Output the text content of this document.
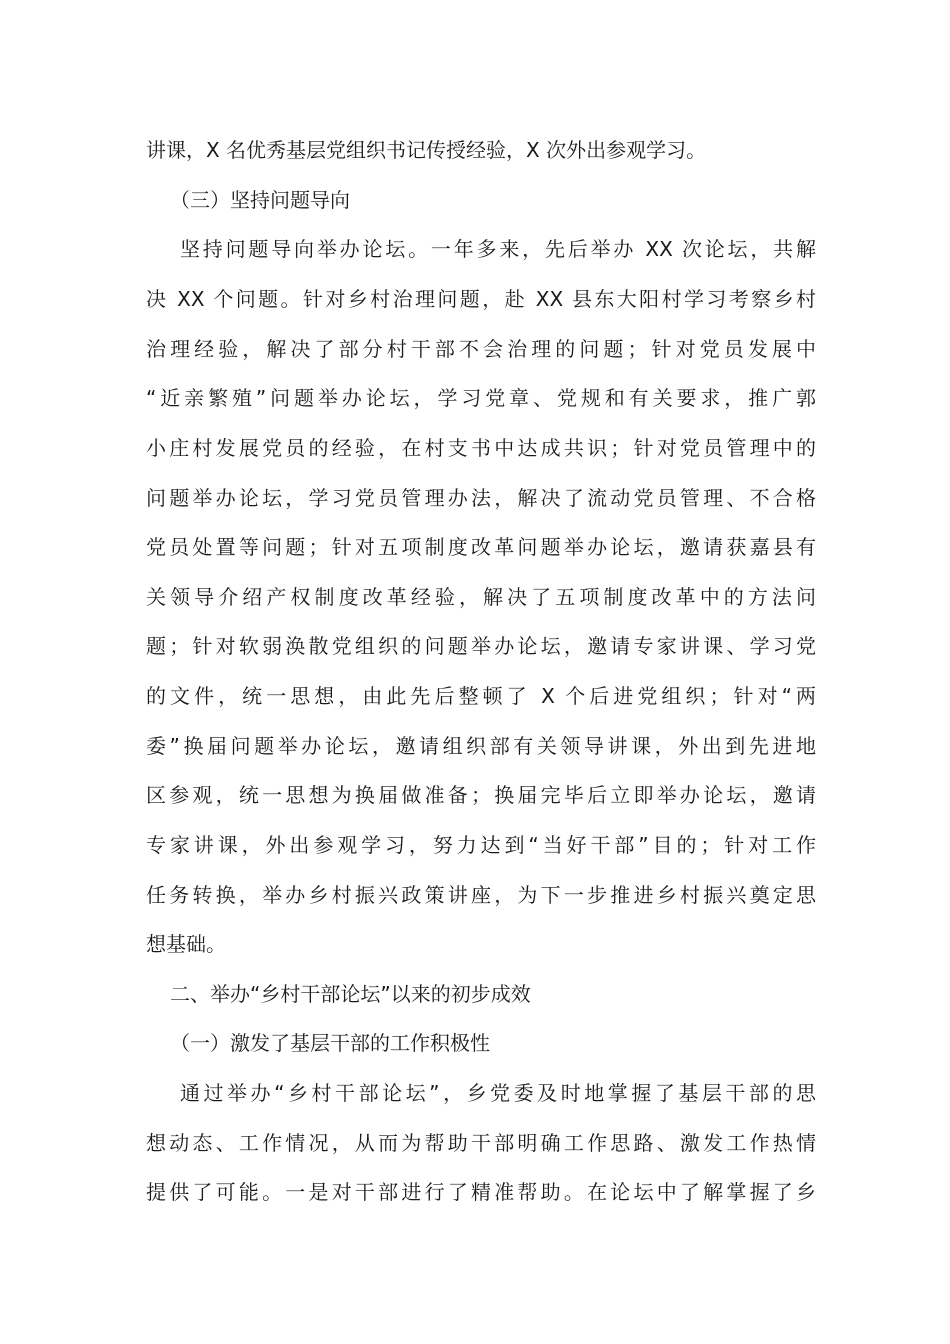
讲课，X 名优秀基层党组织书记传授经验，X 次外出参观学习。
（三）坚持问题导向
坚持问题导向举办论坛。一年多来，先后举办 XX 次论坛，共解
决 XX 个问题。针对乡村治理问题，赴 XX 县东大阳村学习考察乡村
治理经验，解决了部分村干部不会治理的问题；针对党员发展中
“近亲繁殖”问题举办论坛，学习党章、党规和有关要求，推广郭
小庄村发展党员的经验，在村支书中达成共识；针对党员管理中的
问题举办论坛，学习党员管理办法，解决了流动党员管理、不合格
党员处置等问题；针对五项制度改革问题举办论坛，邀请获嘉县有
关领导介绍产权制度改革经验，解决了五项制度改革中的方法问
题；针对软弱涣散党组织的问题举办论坛，邀请专家讲课、学习党
的文件，统一思想，由此先后整顿了 X 个后进党组织；针对“两
委”换届问题举办论坛，邀请组织部有关领导讲课，外出到先进地
区参观，统一思想为换届做准备；换届完毕后立即举办论坛，邀请
专家讲课，外出参观学习，努力达到“当好干部”目的；针对工作
任务转换，举办乡村振兴政策讲座，为下一步推进乡村振兴奠定思
想基础。
二、举办“乡村干部论坛”以来的初步成效
（一）激发了基层干部的工作积极性
通过举办“乡村干部论坛”，乡党委及时地掌握了基层干部的思
想动态、工作情况，从而为帮助干部明确工作思路、激发工作热情
提供了可能。一是对干部进行了精准帮助。在论坛中了解掌握了乡
